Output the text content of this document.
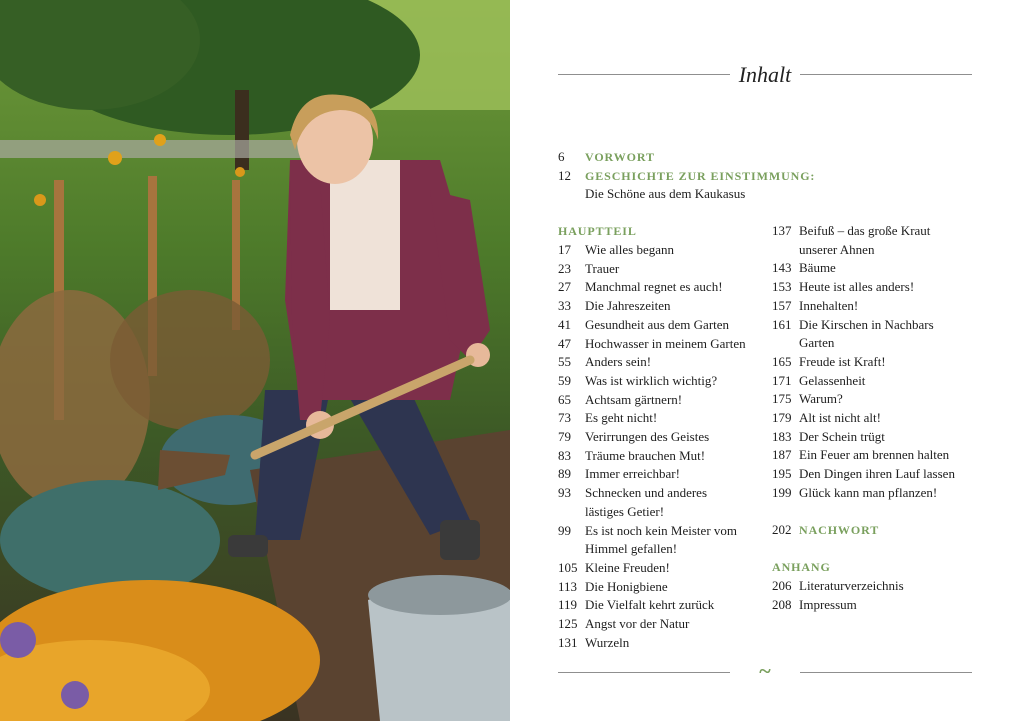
Inhalt
6 VORWORT
12 GESCHICHTE ZUR EINSTIMMUNG:
Die Schöne aus dem Kaukasus
HAUPTTEIL
17 Wie alles begann
23 Trauer
27 Manchmal regnet es auch!
33 Die Jahreszeiten
41 Gesundheit aus dem Garten
47 Hochwasser in meinem Garten
55 Anders sein!
59 Was ist wirklich wichtig?
65 Achtsam gärtnern!
73 Es geht nicht!
79 Verirrungen des Geistes
83 Träume brauchen Mut!
89 Immer erreichbar!
93 Schnecken und anderes
lästiges Getier!
99 Es ist noch kein Meister vom
Himmel gefallen!
105 Kleine Freuden!
113 Die Honigbiene
119 Die Vielfalt kehrt zurück
125 Angst vor der Natur
131 Wurzeln
137 Beifuß – das große Kraut
unserer Ahnen
143 Bäume
153 Heute ist alles anders!
157 Innehalten!
161 Die Kirschen in Nachbars
Garten
165 Freude ist Kraft!
171 Gelassenheit
175 Warum?
179 Alt ist nicht alt!
183 Der Schein trügt
187 Ein Feuer am brennen halten
195 Den Dingen ihren Lauf lassen
199 Glück kann man pflanzen!
202 NACHWORT
ANHANG
206 Literaturverzeichnis
208 Impressum
~
